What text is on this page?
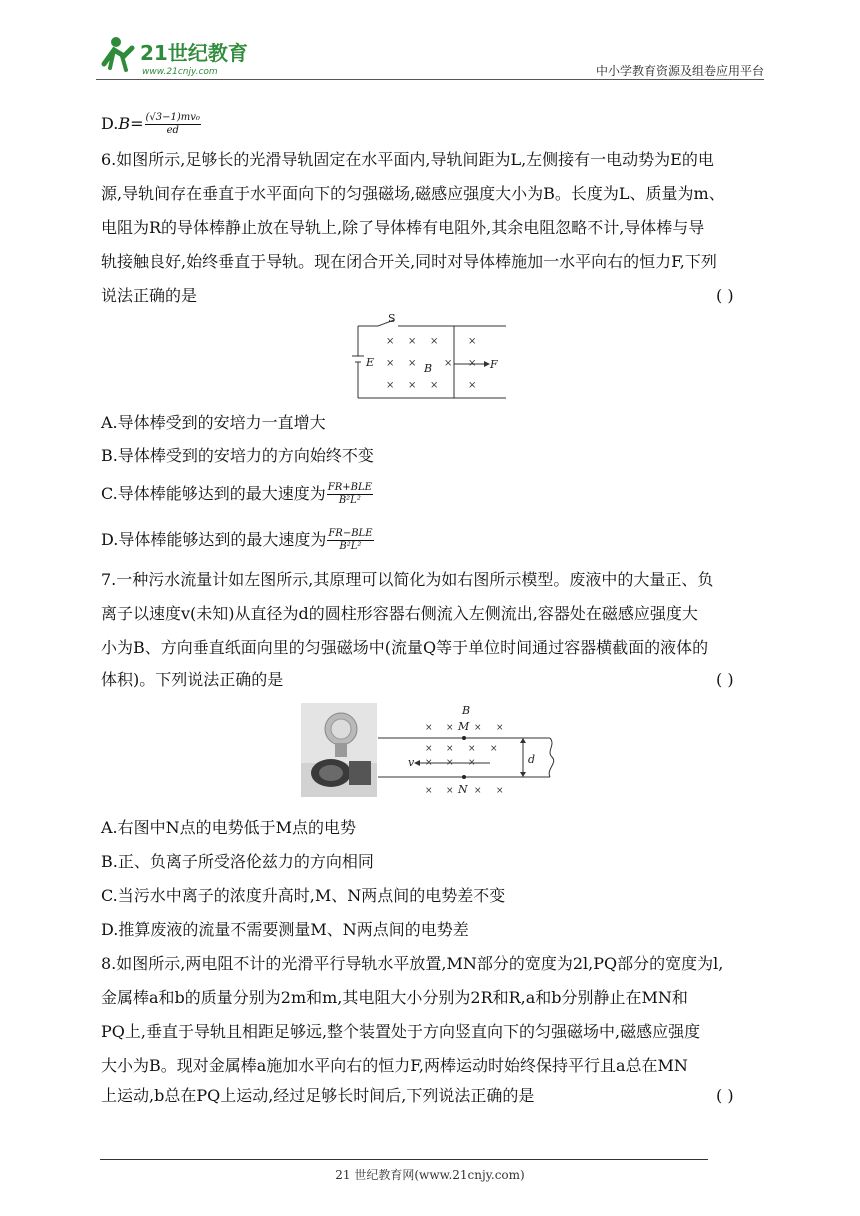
21世纪教育
www.21cnjy.com	中小学教育资源及组卷应用平台
$D.B= \frac{\text{(√3−1)mv₀}}{ed}$
6.如图所示,足够长的光滑导轨固定在水平面内,导轨间距为L,左侧接有一电动势为E的电
源,导轨间存在垂直于水平面向下的匀强磁场,磁感应强度大小为B。长度为L、质量为m、
电阻为R的导体棒静止放在导轨上,除了导体棒有电阻外,其余电阻忽略不计,导体棒与导
轨接触良好,始终垂直于导轨。现在闭合开关,同时对导体棒施加一水平向右的恒力F,下列
说法正确的是	( )
× × ×	×
× ×	× ×
× × ×	×
S
E	B	F
A.导体棒受到的安培力一直增大
B.导体棒受到的安培力的方向始终不变
C.导体棒能够达到的最大速度为 $\frac{\text{FR+BLE}}{\text{B²L²}}$
D.导体棒能够达到的最大速度为 $\frac{\text{FR−BLE}}{\text{B²L²}}$
7.一种污水流量计如左图所示,其原理可以简化为如右图所示模型。废液中的大量正、负
离子以速度v(未知)从直径为d的圆柱形容器右侧流入左侧流出,容器处在磁感应强度大
小为B、方向垂直纸面向里的匀强磁场中(流量Q等于单位时间通过容器横截面的液体的
体积)。下列说法正确的是	( )
× × × ×
× × × ×
× × ×
× × × ×
B
M
N
v	d
A.右图中N点的电势低于M点的电势
B.正、负离子所受洛伦兹力的方向相同
C.当污水中离子的浓度升高时,M、N两点间的电势差不变
D.推算废液的流量不需要测量M、N两点间的电势差
8.如图所示,两电阻不计的光滑平行导轨水平放置,MN部分的宽度为2l,PQ部分的宽度为l,
金属棒a和b的质量分别为2m和m,其电阻大小分别为2R和R,a和b分别静止在MN和
PQ上,垂直于导轨且相距足够远,整个装置处于方向竖直向下的匀强磁场中,磁感应强度
大小为B。现对金属棒a施加水平向右的恒力F,两棒运动时始终保持平行且a总在MN
上运动,b总在PQ上运动,经过足够长时间后,下列说法正确的是	( )
21 世纪教育网(www.21cnjy.com)
